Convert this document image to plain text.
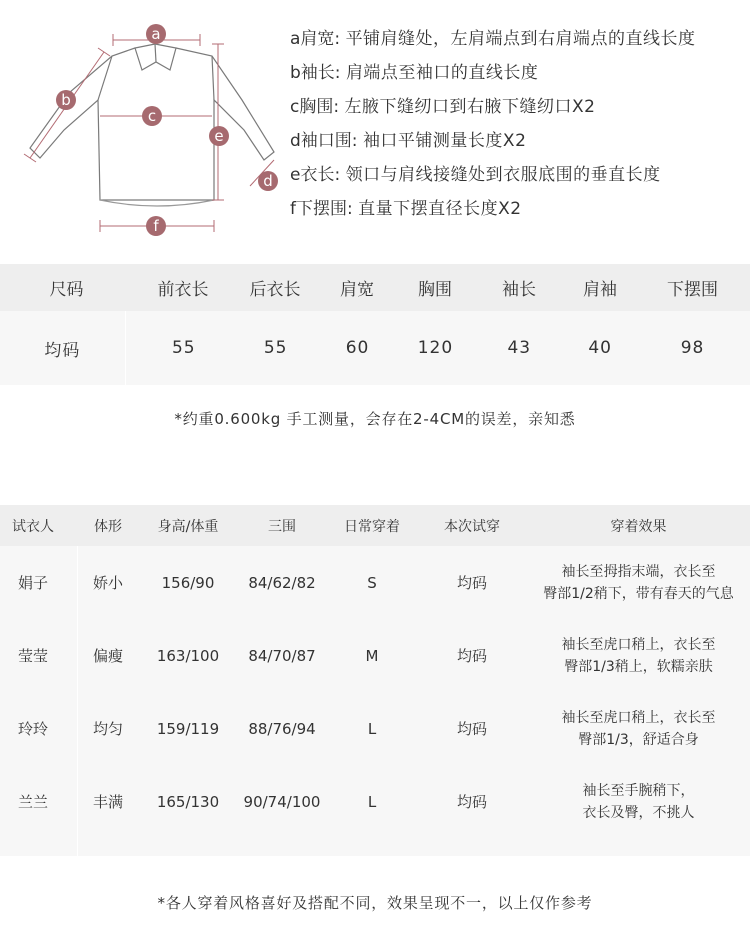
a
b
c
d
e
f
a肩宽: 平铺肩缝处，左肩端点到右肩端点的直线长度
b袖长: 肩端点至袖口的直线长度
c胸围: 左腋下缝纫口到右腋下缝纫口X2
d袖口围: 袖口平铺测量长度X2
e衣长: 领口与肩线接缝处到衣服底围的垂直长度
f下摆围: 直量下摆直径长度X2
尺码	前衣长	后衣长	肩宽	胸围	袖长	肩袖	下摆围
均码	55	55	60	120	43	40	98
*约重0.600kg 手工测量，会存在2-4CM的误差，亲知悉
试衣人	体形	身高/体重	三围	日常穿着	本次试穿	穿着效果
娟子	娇小	156/90	84/62/82	S	均码
袖长至拇指末端，衣长至
臀部1/2稍下，带有春天的气息
莹莹	偏瘦	163/100	84/70/87	M	均码
袖长至虎口稍上，衣长至
臀部1/3稍上，软糯亲肤
玲玲	均匀	159/119	88/76/94	L	均码
袖长至虎口稍上，衣长至
臀部1/3，舒适合身
兰兰	丰满	165/130	90/74/100	L	均码
袖长至手腕稍下，
衣长及臀，不挑人
*各人穿着风格喜好及搭配不同，效果呈现不一，以上仅作参考
